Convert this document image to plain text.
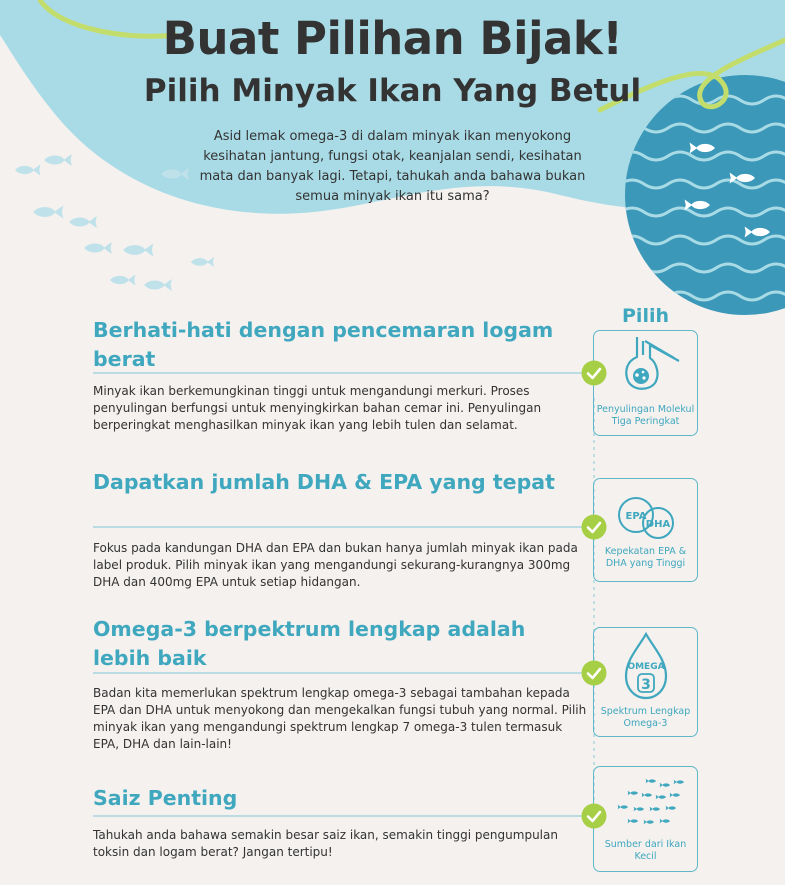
Buat Pilihan Bijak!
Pilih Minyak Ikan Yang Betul
Asid lemak omega-3 di dalam minyak ikan menyokong kesihatan jantung, fungsi otak, keanjalan sendi, kesihatan mata dan banyak lagi. Tetapi, tahukah anda bahawa bukan semua minyak ikan itu sama?
Berhati-hati dengan pencemaran logam berat
Minyak ikan berkemungkinan tinggi untuk mengandungi merkuri. Proses penyulingan berfungsi untuk menyingkirkan bahan cemar ini. Penyulingan berperingkat menghasilkan minyak ikan yang lebih tulen dan selamat.
Dapatkan jumlah DHA & EPA yang tepat
Fokus pada kandungan DHA dan EPA dan bukan hanya jumlah minyak ikan pada label produk. Pilih minyak ikan yang mengandungi sekurang-kurangnya 300mg DHA dan 400mg EPA untuk setiap hidangan.
Omega-3 berpektrum lengkap adalah lebih baik
Badan kita memerlukan spektrum lengkap omega-3 sebagai tambahan kepada EPA dan DHA untuk menyokong dan mengekalkan fungsi tubuh yang normal. Pilih minyak ikan yang mengandungi spektrum lengkap 7 omega-3 tulen termasuk EPA, DHA dan lain-lain!
Saiz Penting
Tahukah anda bahawa semakin besar saiz ikan, semakin tinggi pengumpulan toksin dan logam berat? Jangan tertipu!
Penyulingan Molekul Tiga Peringkat
Pilih
EPA
DHA
Kepekatan EPA & DHA yang Tinggi
OMEGA
3
Spektrum Lengkap Omega-3
Sumber dari Ikan Kecil
